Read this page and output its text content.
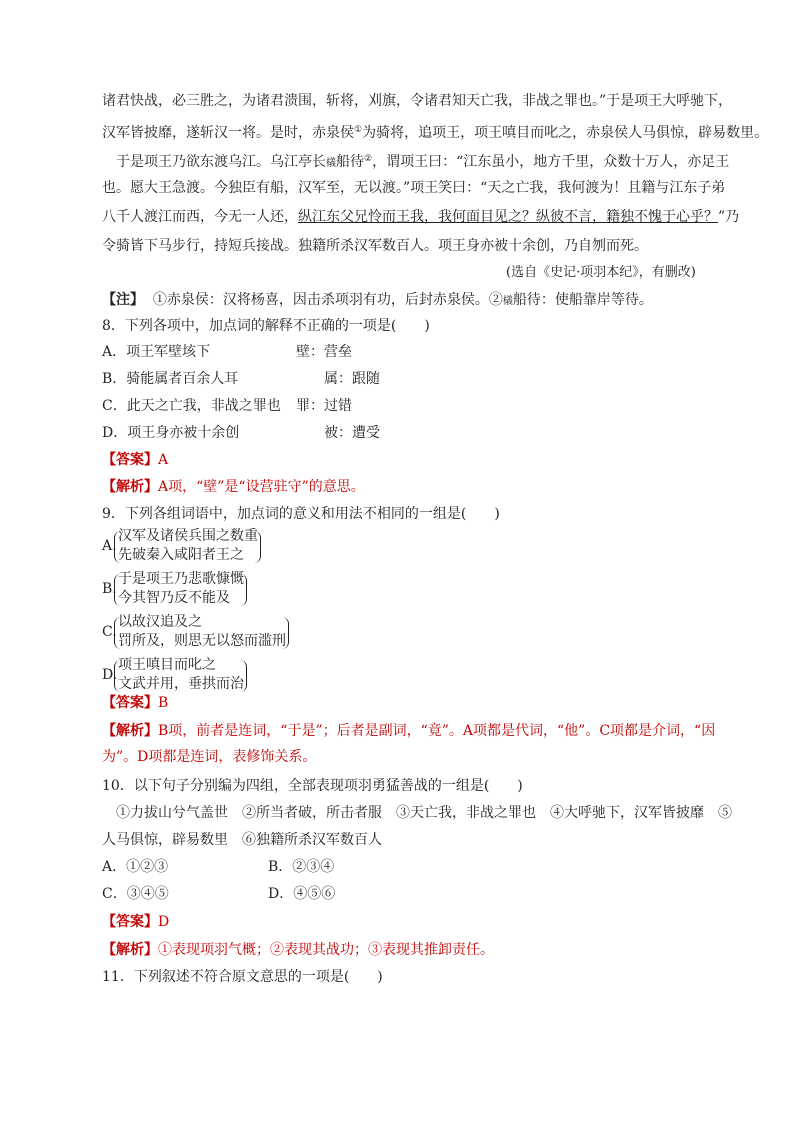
诸君快战，必三胜之，为诸君溃围，斩将，刈旗，令诸君知天亡我，非战之罪也。”于是项王大呼驰下，
汉军皆披靡，遂斩汉一将。是时，赤泉侯①为骑将，追项王，项王嗔目而叱之，赤泉侯人马俱惊，辟易数里。
于是项王乃欲东渡乌江。乌江亭长檥船待②，谓项王曰：“江东虽小，地方千里，众数十万人，亦足王
也。愿大王急渡。今独臣有船，汉军至，无以渡。”项王笑曰：“天之亡我，我何渡为！且籍与江东子弟
八千人渡江而西，今无一人还，纵江东父兄怜而王我，我何面目见之？纵彼不言，籍独不愧于心乎？”乃
令骑皆下马步行，持短兵接战。独籍所杀汉军数百人。项王身亦被十余创，乃自刎而死。
(选自《史记·项羽本纪》，有删改)
【注】 ①赤泉侯：汉将杨喜，因击杀项羽有功，后封赤泉侯。②檥船待：使船靠岸等待。
8．下列各项中，加点词的解释不正确的一项是(　　)
A．项王军壁垓下	壁：营垒
B．骑能属者百余人耳	属：跟随
C．此天之亡我，非战之罪也 罪：过错
D．项王身亦被十余创	被：遭受
【答案】A
【解析】A项，“壁”是“设营驻守”的意思。
9．下列各组词语中，加点词的意义和用法不相同的一组是(　　)
A.
汉军及诸侯兵围之数重
先破秦入咸阳者王之
B.
于是项王乃悲歌慷慨
今其智乃反不能及
C.
以故汉追及之
罚所及，则思无以怒而滥刑
D.
项王嗔目而叱之
文武并用，垂拱而治
【答案】B
【解析】B项，前者是连词，“于是”；后者是副词，“竟”。A项都是代词，“他”。C项都是介词，“因
为”。D项都是连词，表修饰关系。
10．以下句子分别编为四组，全部表现项羽勇猛善战的一组是(　　)
①力拔山兮气盖世　②所当者破，所击者服　③天亡我，非战之罪也　④大呼驰下，汉军皆披靡　⑤
人马俱惊，辟易数里　⑥独籍所杀汉军数百人
A．①②③	B．②③④
C．③④⑤	D．④⑤⑥
【答案】D
【解析】①表现项羽气概；②表现其战功；③表现其推卸责任。
11．下列叙述不符合原文意思的一项是(　　)
